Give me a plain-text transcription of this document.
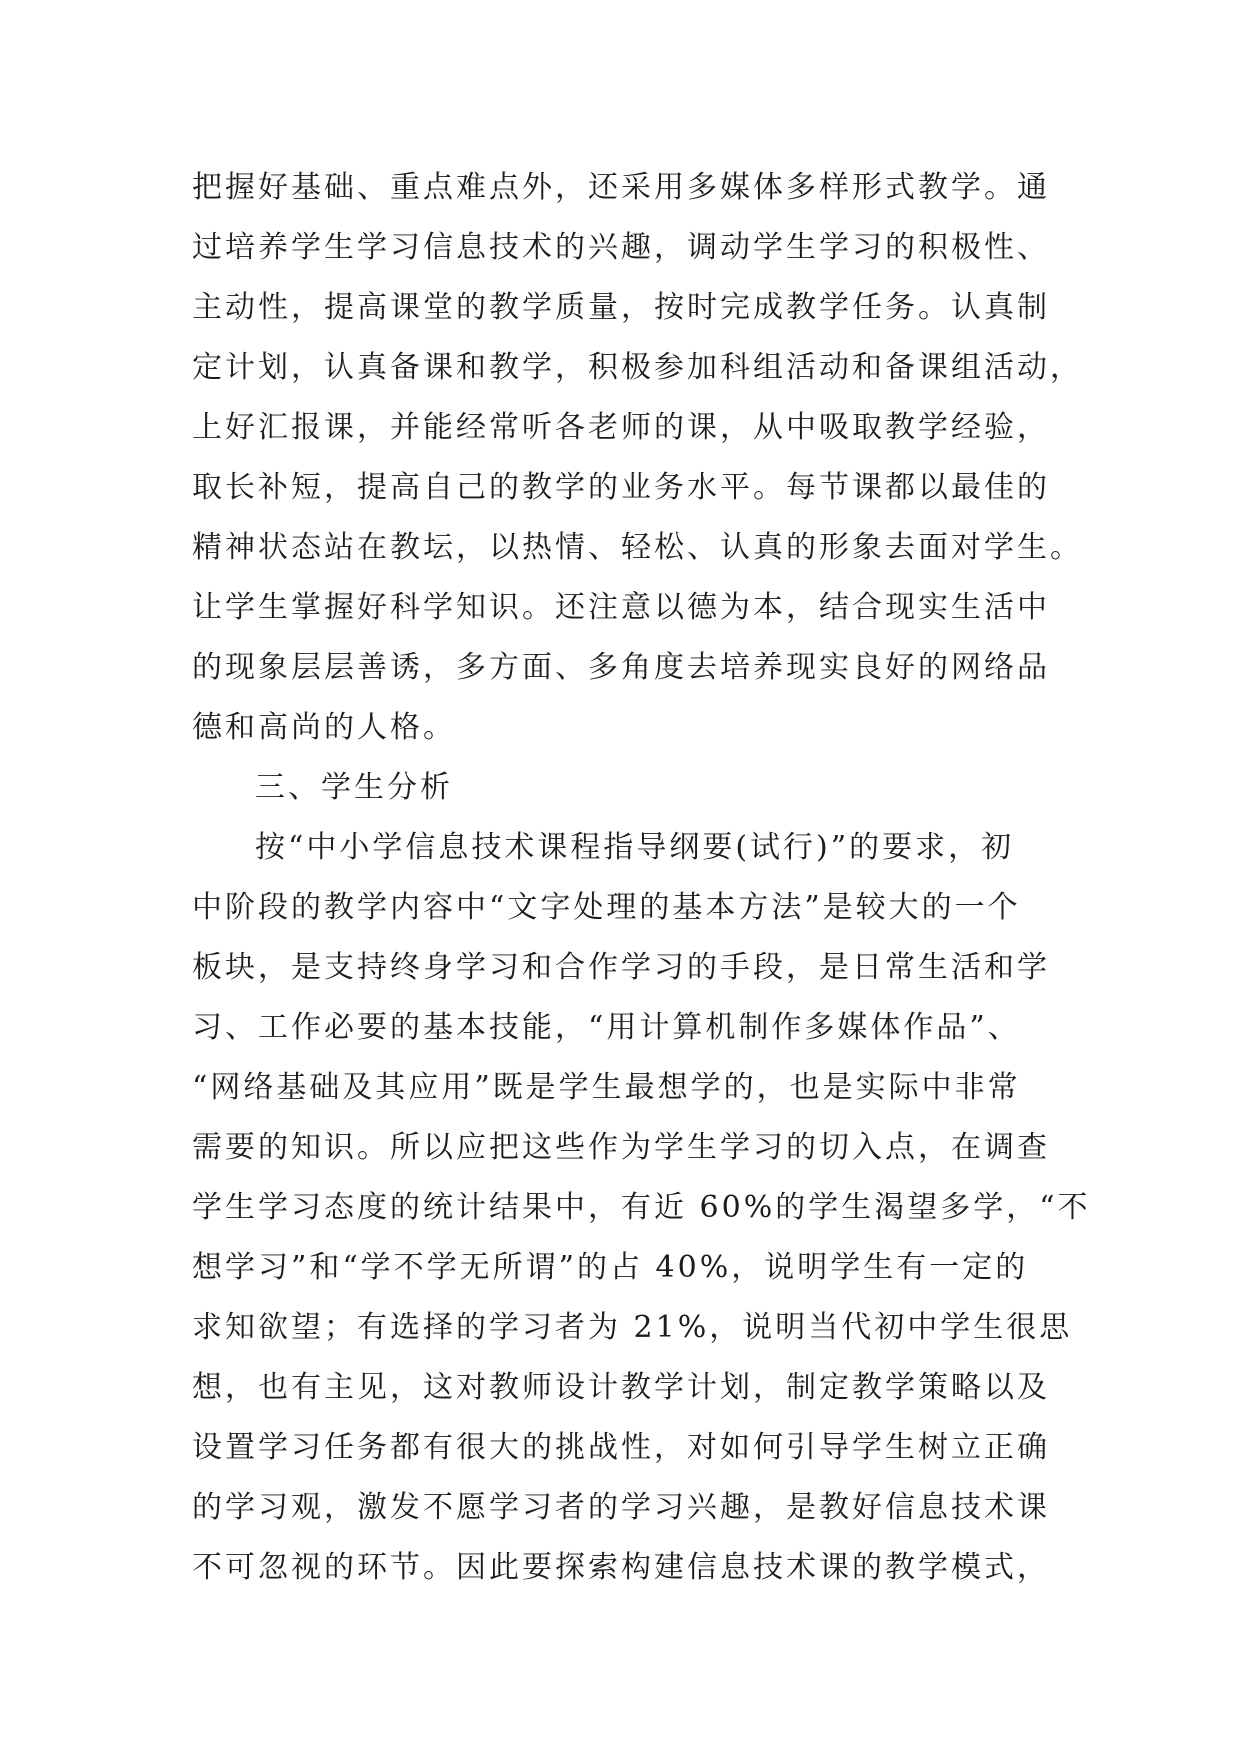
把握好基础、重点难点外，还采用多媒体多样形式教学。通
过培养学生学习信息技术的兴趣，调动学生学习的积极性、
主动性，提高课堂的教学质量，按时完成教学任务。认真制
定计划，认真备课和教学，积极参加科组活动和备课组活动，
上好汇报课，并能经常听各老师的课，从中吸取教学经验，
取长补短，提高自己的教学的业务水平。每节课都以最佳的
精神状态站在教坛，以热情、轻松、认真的形象去面对学生。
让学生掌握好科学知识。还注意以德为本，结合现实生活中
的现象层层善诱，多方面、多角度去培养现实良好的网络品
德和高尚的人格。
三、学生分析
按“中小学信息技术课程指导纲要(试行)”的要求，初
中阶段的教学内容中“文字处理的基本方法”是较大的一个
板块，是支持终身学习和合作学习的手段，是日常生活和学
习、工作必要的基本技能，“用计算机制作多媒体作品”、
“网络基础及其应用”既是学生最想学的，也是实际中非常
需要的知识。所以应把这些作为学生学习的切入点，在调查
学生学习态度的统计结果中，有近 60%的学生渴望多学，“不
想学习”和“学不学无所谓”的占 40%，说明学生有一定的
求知欲望；有选择的学习者为 21%，说明当代初中学生很思
想，也有主见，这对教师设计教学计划，制定教学策略以及
设置学习任务都有很大的挑战性，对如何引导学生树立正确
的学习观，激发不愿学习者的学习兴趣，是教好信息技术课
不可忽视的环节。因此要探索构建信息技术课的教学模式，
